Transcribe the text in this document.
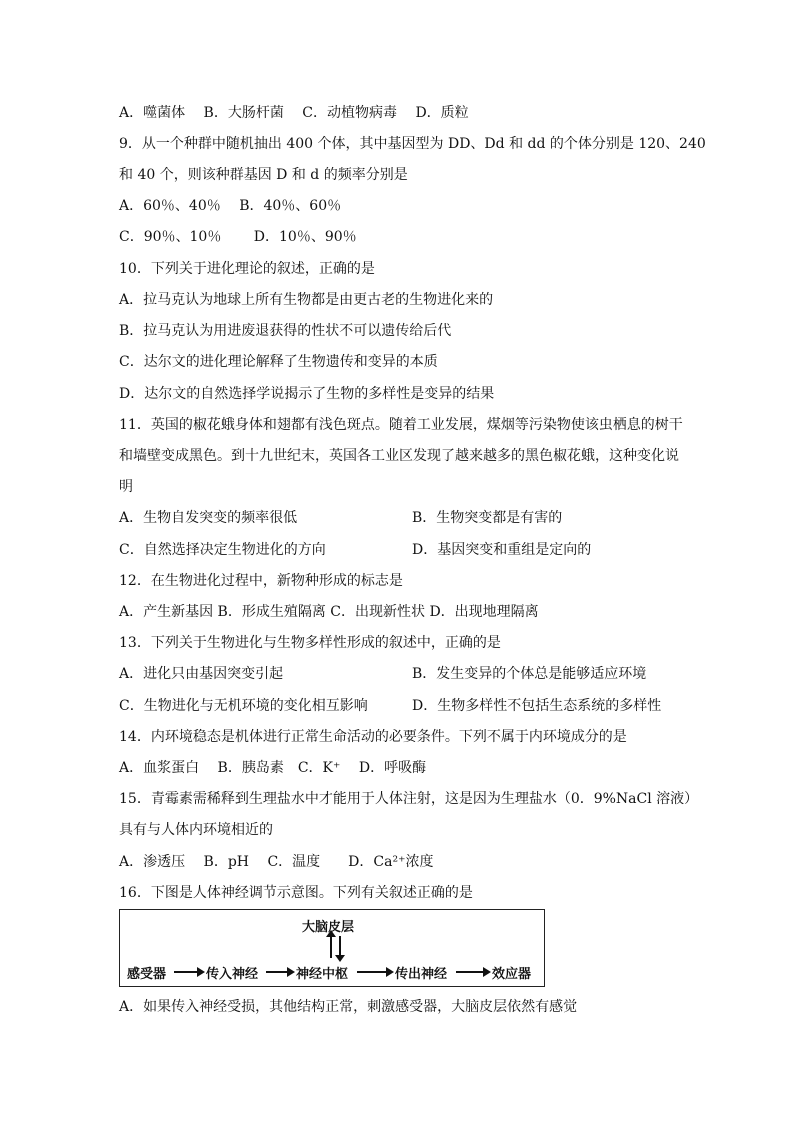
A．噬菌体　 B．大肠杆菌　 C．动植物病毒　 D．质粒
9．从一个种群中随机抽出 400 个体，其中基因型为 DD、Dd 和 dd 的个体分别是 120、240
和 40 个，则该种群基因 D 和 d 的频率分别是
A．60％、40％　 B．40％、60％
C．90％、10％　　 D．10％、90％
10．下列关于进化理论的叙述，正确的是
A．拉马克认为地球上所有生物都是由更古老的生物进化来的
B．拉马克认为用进废退获得的性状不可以遗传给后代
C．达尔文的进化理论解释了生物遗传和变异的本质
D．达尔文的自然选择学说揭示了生物的多样性是变异的结果
11．英国的椒花蛾身体和翅都有浅色斑点。随着工业发展，煤烟等污染物使该虫栖息的树干
和墙壁变成黑色。到十九世纪末，英国各工业区发现了越来越多的黑色椒花蛾，这种变化说
明
A．生物自发突变的频率很低	B．生物突变都是有害的
C．自然选择决定生物进化的方向	D．基因突变和重组是定向的
12．在生物进化过程中，新物种形成的标志是
A．产生新基因 B．形成生殖隔离 C．出现新性状 D．出现地理隔离
13．下列关于生物进化与生物多样性形成的叙述中，正确的是
A．进化只由基因突变引起	B．发生变异的个体总是能够适应环境
C．生物进化与无机环境的变化相互影响	D．生物多样性不包括生态系统的多样性
14．内环境稳态是机体进行正常生命活动的必要条件。下列不属于内环境成分的是
A．血浆蛋白　 B．胰岛素　C．K⁺　 D．呼吸酶
15．青霉素需稀释到生理盐水中才能用于人体注射，这是因为生理盐水（0．9%NaCl 溶液）
具有与人体内环境相近的
A．渗透压　 B．pH　 C．温度　　D．Ca²⁺浓度
16．下图是人体神经调节示意图。下列有关叙述正确的是
大脑皮层
感受器	传入神经	神经中枢	传出神经	效应器
A．如果传入神经受损，其他结构正常，刺激感受器，大脑皮层依然有感觉
